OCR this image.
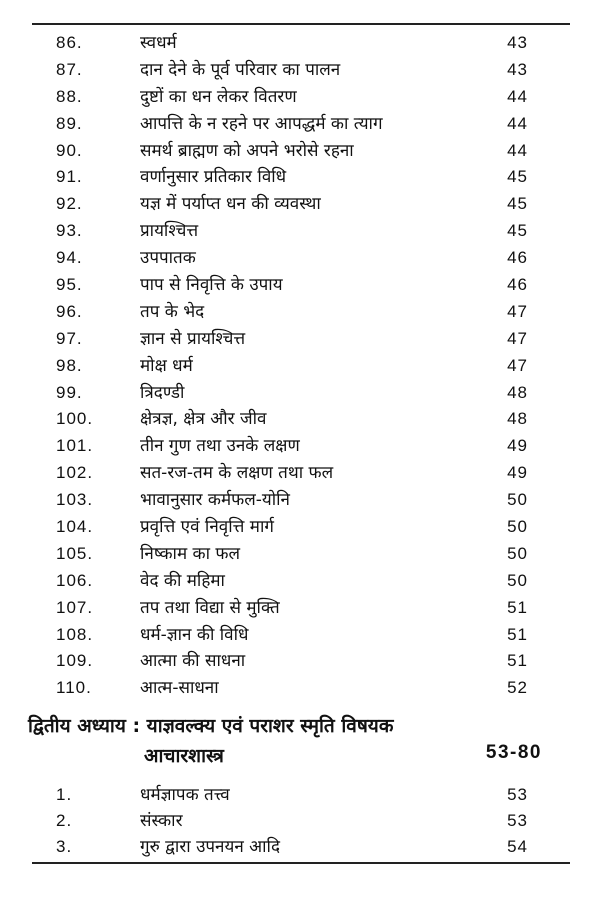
86.	स्वधर्म	43
87.	दान देने के पूर्व परिवार का पालन	43
88.	दुष्टों का धन लेकर वितरण	44
89.	आपत्ति के न रहने पर आपद्धर्म का त्याग	44
90.	समर्थ ब्राह्मण को अपने भरोसे रहना	44
91.	वर्णानुसार प्रतिकार विधि	45
92.	यज्ञ में पर्याप्त धन की व्यवस्था	45
93.	प्रायश्चित्त	45
94.	उपपातक	46
95.	पाप से निवृत्ति के उपाय	46
96.	तप के भेद	47
97.	ज्ञान से प्रायश्चित्त	47
98.	मोक्ष धर्म	47
99.	त्रिदण्डी	48
100.	क्षेत्रज्ञ, क्षेत्र और जीव	48
101.	तीन गुण तथा उनके लक्षण	49
102.	सत-रज-तम के लक्षण तथा फल	49
103.	भावानुसार कर्मफल-योनि	50
104.	प्रवृत्ति एवं निवृत्ति मार्ग	50
105.	निष्काम का फल	50
106.	वेद की महिमा	50
107.	तप तथा विद्या से मुक्ति	51
108.	धर्म-ज्ञान की विधि	51
109.	आत्मा की साधना	51
110.	आत्म-साधना	52
द्वितीय अध्याय : याज्ञवल्क्य एवं पराशर स्मृति विषयक
आचारशास्त्र	53-80
1.	धर्मज्ञापक तत्त्व	53
2.	संस्कार	53
3.	गुरु द्वारा उपनयन आदि	54
